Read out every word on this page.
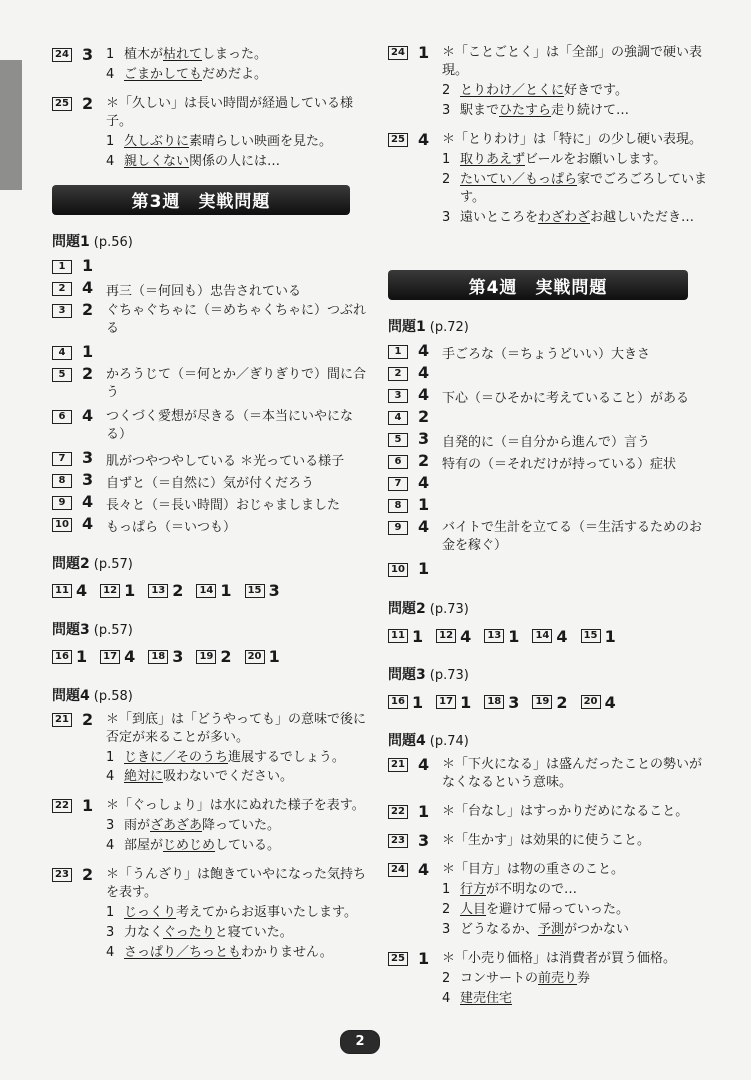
24 3 1 植木が枯れてしまった。
4 ごまかしてもだめだよ。
25 2 ＊「久しい」は長い時間が経過している様子。
1 久しぶりに素晴らしい映画を見た。
4 親しくない関係の人には…
第3週　実戦問題
問題1 (p.56)
1	1
2	4 再三（＝何回も）忠告されている
3	2 ぐちゃぐちゃに（＝めちゃくちゃに）つぶれる
4	1
5	2 かろうじて（＝何とか／ぎりぎりで）間に合う
6	4 つくづく愛想が尽きる（＝本当にいやになる）
7	3 肌がつやつやしている ＊光っている様子
8	3 自ずと（＝自然に）気が付くだろう
9	4 長々と（＝長い時間）おじゃましました
10 4 もっぱら（＝いつも）
問題2 (p.57)
11 4	12 1	13 2	14 1	15 3
問題3 (p.57)
16 1	17 4	18 3	19 2	20 1
問題4 (p.58)
21 2 ＊「到底」は「どうやっても」の意味で後に否定が来ることが多い。
1 じきに／そのうち進展するでしょう。
4 絶対に吸わないでください。
22 1 ＊「ぐっしょり」は水にぬれた様子を表す。
3 雨がざあざあ降っていた。
4 部屋がじめじめしている。
23 2 ＊「うんざり」は飽きていやになった気持ちを表す。
1 じっくり考えてからお返事いたします。
3 力なくぐったりと寝ていた。
4 さっぱり／ちっともわかりません。
24 1 ＊「ことごとく」は「全部」の強調で硬い表現。
2 とりわけ／とくに好きです。
3 駅までひたすら走り続けて…
25 4 ＊「とりわけ」は「特に」の少し硬い表現。
1 取りあえずビールをお願いします。
2 たいてい／もっぱら家でごろごろしています。
3 遠いところをわざわざお越しいただき…
第4週　実戦問題
問題1 (p.72)
1	4 手ごろな（＝ちょうどいい）大きさ
2	4
3	4 下心（＝ひそかに考えていること）がある
4	2
5	3 自発的に（＝自分から進んで）言う
6	2 特有の（＝それだけが持っている）症状
7	4
8	1
9	4 バイトで生計を立てる（＝生活するためのお金を稼ぐ）
10 1
問題2 (p.73)
11 1	12 4	13 1	14 4	15 1
問題3 (p.73)
16 1	17 1	18 3	19 2	20 4
問題4 (p.74)
21 4 ＊「下火になる」は盛んだったことの勢いがなくなるという意味。
22 1 ＊「台なし」はすっかりだめになること。
23 3 ＊「生かす」は効果的に使うこと。
24 4 ＊「目方」は物の重さのこと。
1 行方が不明なので…
2 人目を避けて帰っていった。
3 どうなるか、予測がつかない
25 1 ＊「小売り価格」は消費者が買う価格。
2 コンサートの前売り券
4 建売住宅
2
